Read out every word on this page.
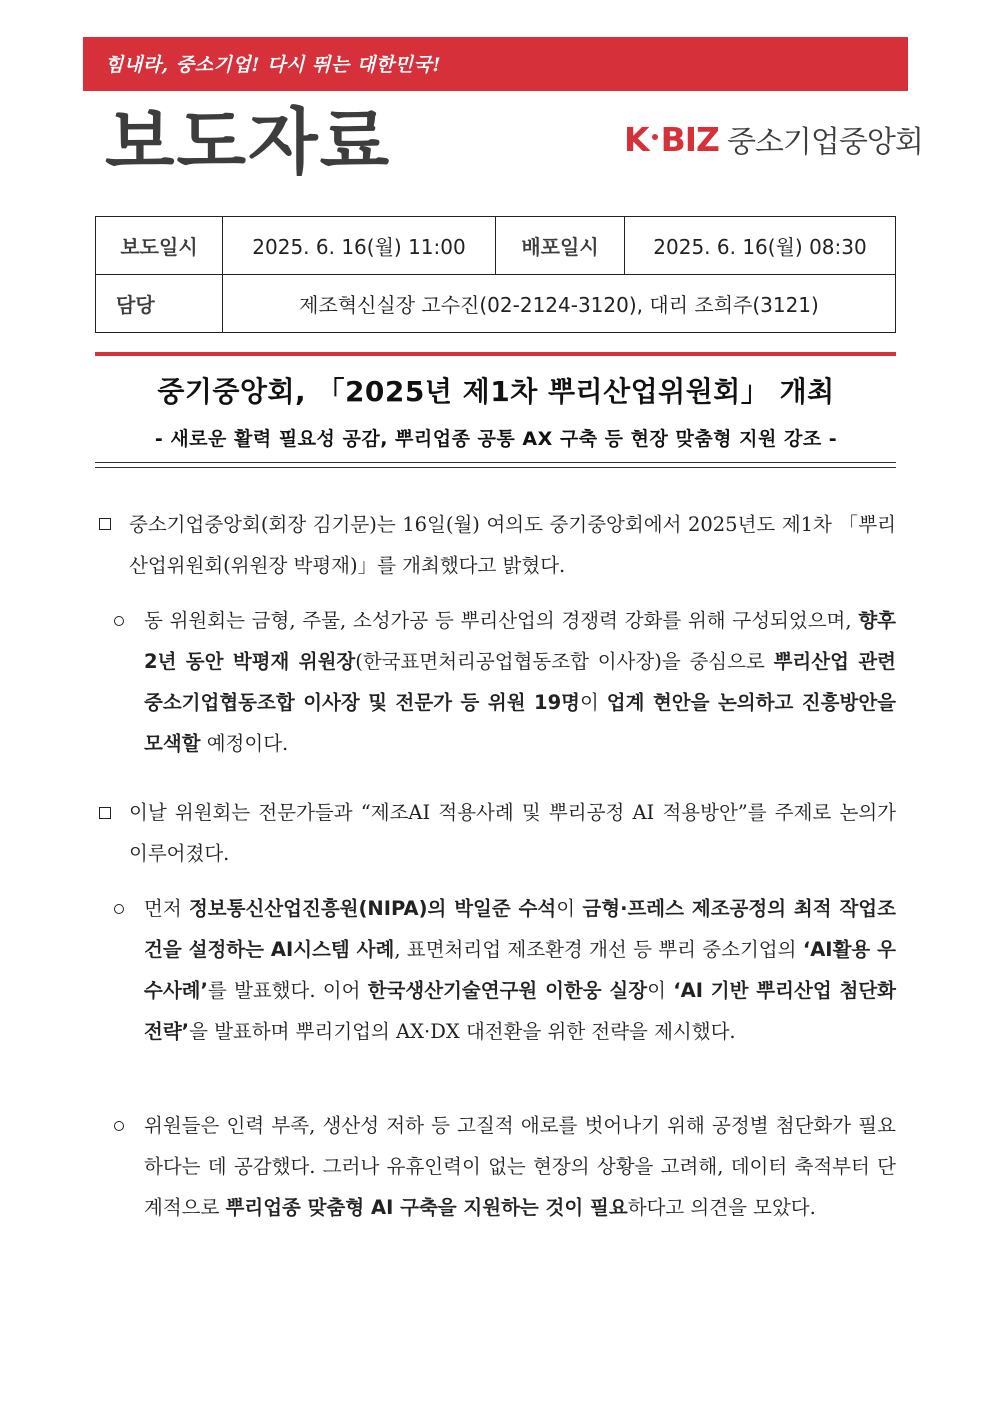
힘내라, 중소기업! 다시 뛰는 대한민국!
보도자료	K BIZ 중소기업중앙회
보도일시	2025. 6. 16(월) 11:00	배포일시	2025. 6. 16(월) 08:30

담당	제조혁신실장 고수진(02-2124-3120), 대리 조희주(3121)		
중기중앙회, 「2025년 제1차 뿌리산업위원회」 개최
- 새로운 활력 필요성 공감, 뿌리업종 공통 AX 구축 등 현장 맞춤형 지원 강조 -
중소기업중앙회(회장 김기문)는 16일(월) 여의도 중기중앙회에서 2025년도 제1차 「뿌리산업위원회(위원장 박평재)」를 개최했다고 밝혔다.
동 위원회는 금형, 주물, 소성가공 등 뿌리산업의 경쟁력 강화를 위해 구성되었으며, 향후 2년 동안 박평재 위원장(한국표면처리공업협동조합 이사장)을 중심으로 뿌리산업 관련 중소기업협동조합 이사장 및 전문가 등 위원 19명이 업계 현안을 논의하고 진흥방안을 모색할 예정이다.
이날 위원회는 전문가들과 “제조AI 적용사례 및 뿌리공정 AI 적용방안”를 주제로 논의가 이루어졌다.
먼저 정보통신산업진흥원(NIPA)의 박일준 수석이 금형·프레스 제조공정의 최적 작업조건을 설정하는 AI시스템 사례, 표면처리업 제조환경 개선 등 뿌리 중소기업의 ‘AI활용 우수사례’를 발표했다. 이어 한국생산기술연구원 이한웅 실장이 ‘AI 기반 뿌리산업 첨단화 전략’을 발표하며 뿌리기업의 AX·DX 대전환을 위한 전략을 제시했다.
위원들은 인력 부족, 생산성 저하 등 고질적 애로를 벗어나기 위해 공정별 첨단화가 필요하다는 데 공감했다. 그러나 유휴인력이 없는 현장의 상황을 고려해, 데이터 축적부터 단계적으로 뿌리업종 맞춤형 AI 구축을 지원하는 것이 필요하다고 의견을 모았다.
